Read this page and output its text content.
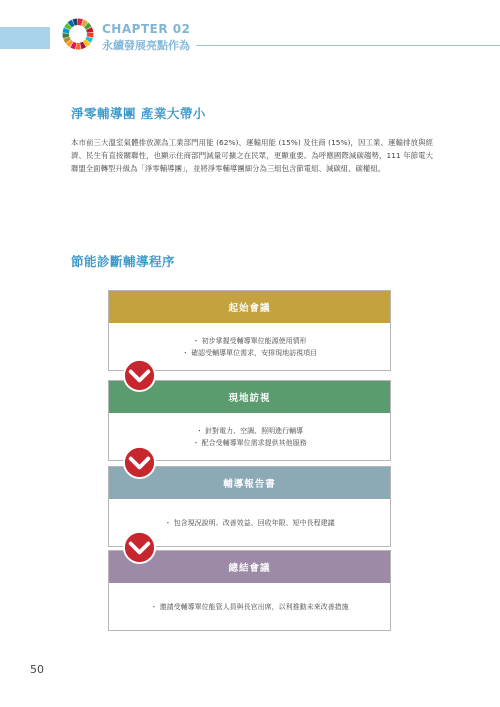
CHAPTER 02
永續發展亮點作為
淨零輔導團 產業大帶小

本市前三大溫室氣體排放源為工業部門用能 (62%)、運輸用能 (15%) 及住商 (15%)，因工業、運輸排放與經濟、民生有直接關聯性，也顯示住商部門減量可擴之在民眾，更顯重要。為呼應國際減碳趨勢，111 年節電大聯盟全面轉型升級為「淨零輔導團」，並將淨零輔導團細分為三組包含節電組、減碳組、碳權組。

節能診斷輔導程序
起始會議
・ 初步掌握受輔導單位能源使用情形
・ 確認受輔導單位需求，安排現地訪視項目
現地訪視
・ 針對電力、空調、照明進行輔導
・ 配合受輔導單位需求提供其他服務
輔導報告書
・ 包含現況說明、改善效益、回收年限、短中長程建議
總結會議
・ 邀請受輔導單位能管人員與長官出席，以利推動未來改善措施
50
